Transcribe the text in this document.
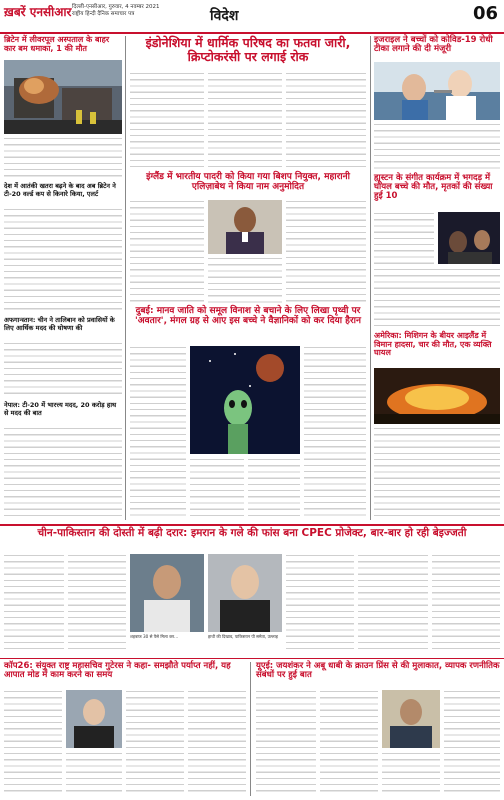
ख़बरें एनसीआर दिल्ली-एनसीआर, गुरुवार, 4 नवम्बर 2021
राष्ट्रीय हिन्दी दैनिक समाचार पत्र	विदेश	06
ब्रिटेन में लीवरपूल अस्पताल के बाहर कार बम धमाका, 1 की मौत
देश में आतंकी खतरा बढ़ने के बाद अब ब्रिटेन ने टी-20 वर्ल्ड कप से किनारे किया, एलर्ट
अफगान्स्तान: चीन ने तालिबान को प्रवासियों के लिए आर्थिक मदद की घोषणा की
नेपाल: टी-20 में भारत्त्य मदद, 20 करोड़ हाथ से मदद की बात
इंडोनेशिया में धार्मिक परिषद का फतवा जारी, क्रिप्टोकरंसी पर लगाई रोक
इंग्लैंड में भारतीय पादरी को किया गया बिशप नियुक्त, महारानी एलिज़ाबेथ ने किया नाम अनुमोदित
दुबई: मानव जाति को समूल विनाश से बचाने के लिए लिखा पृथ्वी पर 'अवतार', मंगल ग्रह से आए इस बच्चे ने वैज्ञानिकों को कर दिया हैरान
इजराइल ने बच्चों को कोविड-19 रोधी टीका लगाने की दी मंजूरी
ह्यूस्टन के संगीत कार्यक्रम में भगदड़ में घायल बच्चे की मौत, मृतकों की संख्या हुई 10
अमेरिका: मिशिगन के बीयर आइलैंड में विमान हादसा, चार की मौत, एक व्यक्ति घायल
चीन-पाकिस्तान की दोस्ती में बढ़ी दरार: इमरान के गले की फांस बना CPEC प्रोजेक्ट, बार-बार हो रही बेइज्जती
शहबाज 30 से पैसे मिला कर...	हाथी की दिखाव, पाकिस्तान पी समेता, उल्लाह
कॉप26: संयुक्त राष्ट्र महासचिव गुटेरस ने कहा- समझौते पर्याप्त नहीं, यह आपात मोड में काम करने का समय
यूएई: जयशंकर ने अबू धाबी के क्राउन प्रिंस से की मुलाकात, व्यापक रणनीतिक संबंधों पर हुई बात
